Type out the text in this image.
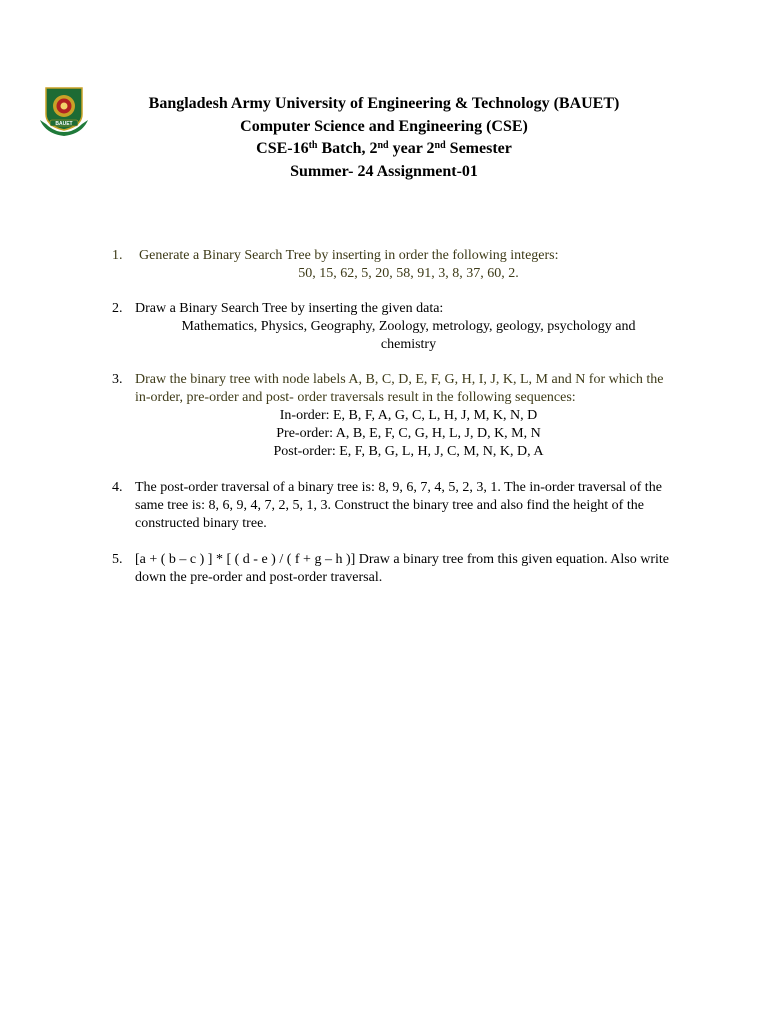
BAUET
Bangladesh Army University of Engineering & Technology (BAUET)
Computer Science and Engineering (CSE)
CSE-16th Batch, 2nd year 2nd Semester
Summer- 24 Assignment-01
1. Generate a Binary Search Tree by inserting in order the following integers:
50, 15, 62, 5, 20, 58, 91, 3, 8, 37, 60, 2.
2. Draw a Binary Search Tree by inserting the given data:
Mathematics, Physics, Geography, Zoology, metrology, geology, psychology and chemistry
3. Draw the binary tree with node labels A, B, C, D, E, F, G, H, I, J, K, L, M and N for which the in-order, pre-order and post- order traversals result in the following sequences:
In-order: E, B, F, A, G, C, L, H, J, M, K, N, D
Pre-order: A, B, E, F, C, G, H, L, J, D, K, M, N
Post-order: E, F, B, G, L, H, J, C, M, N, K, D, A
4. The post-order traversal of a binary tree is: 8, 9, 6, 7, 4, 5, 2, 3, 1. The in-order traversal of the same tree is: 8, 6, 9, 4, 7, 2, 5, 1, 3. Construct the binary tree and also find the height of the constructed binary tree.
5. [a + ( b – c ) ] * [ ( d - e ) / ( f + g – h )] Draw a binary tree from this given equation. Also write down the pre-order and post-order traversal.
